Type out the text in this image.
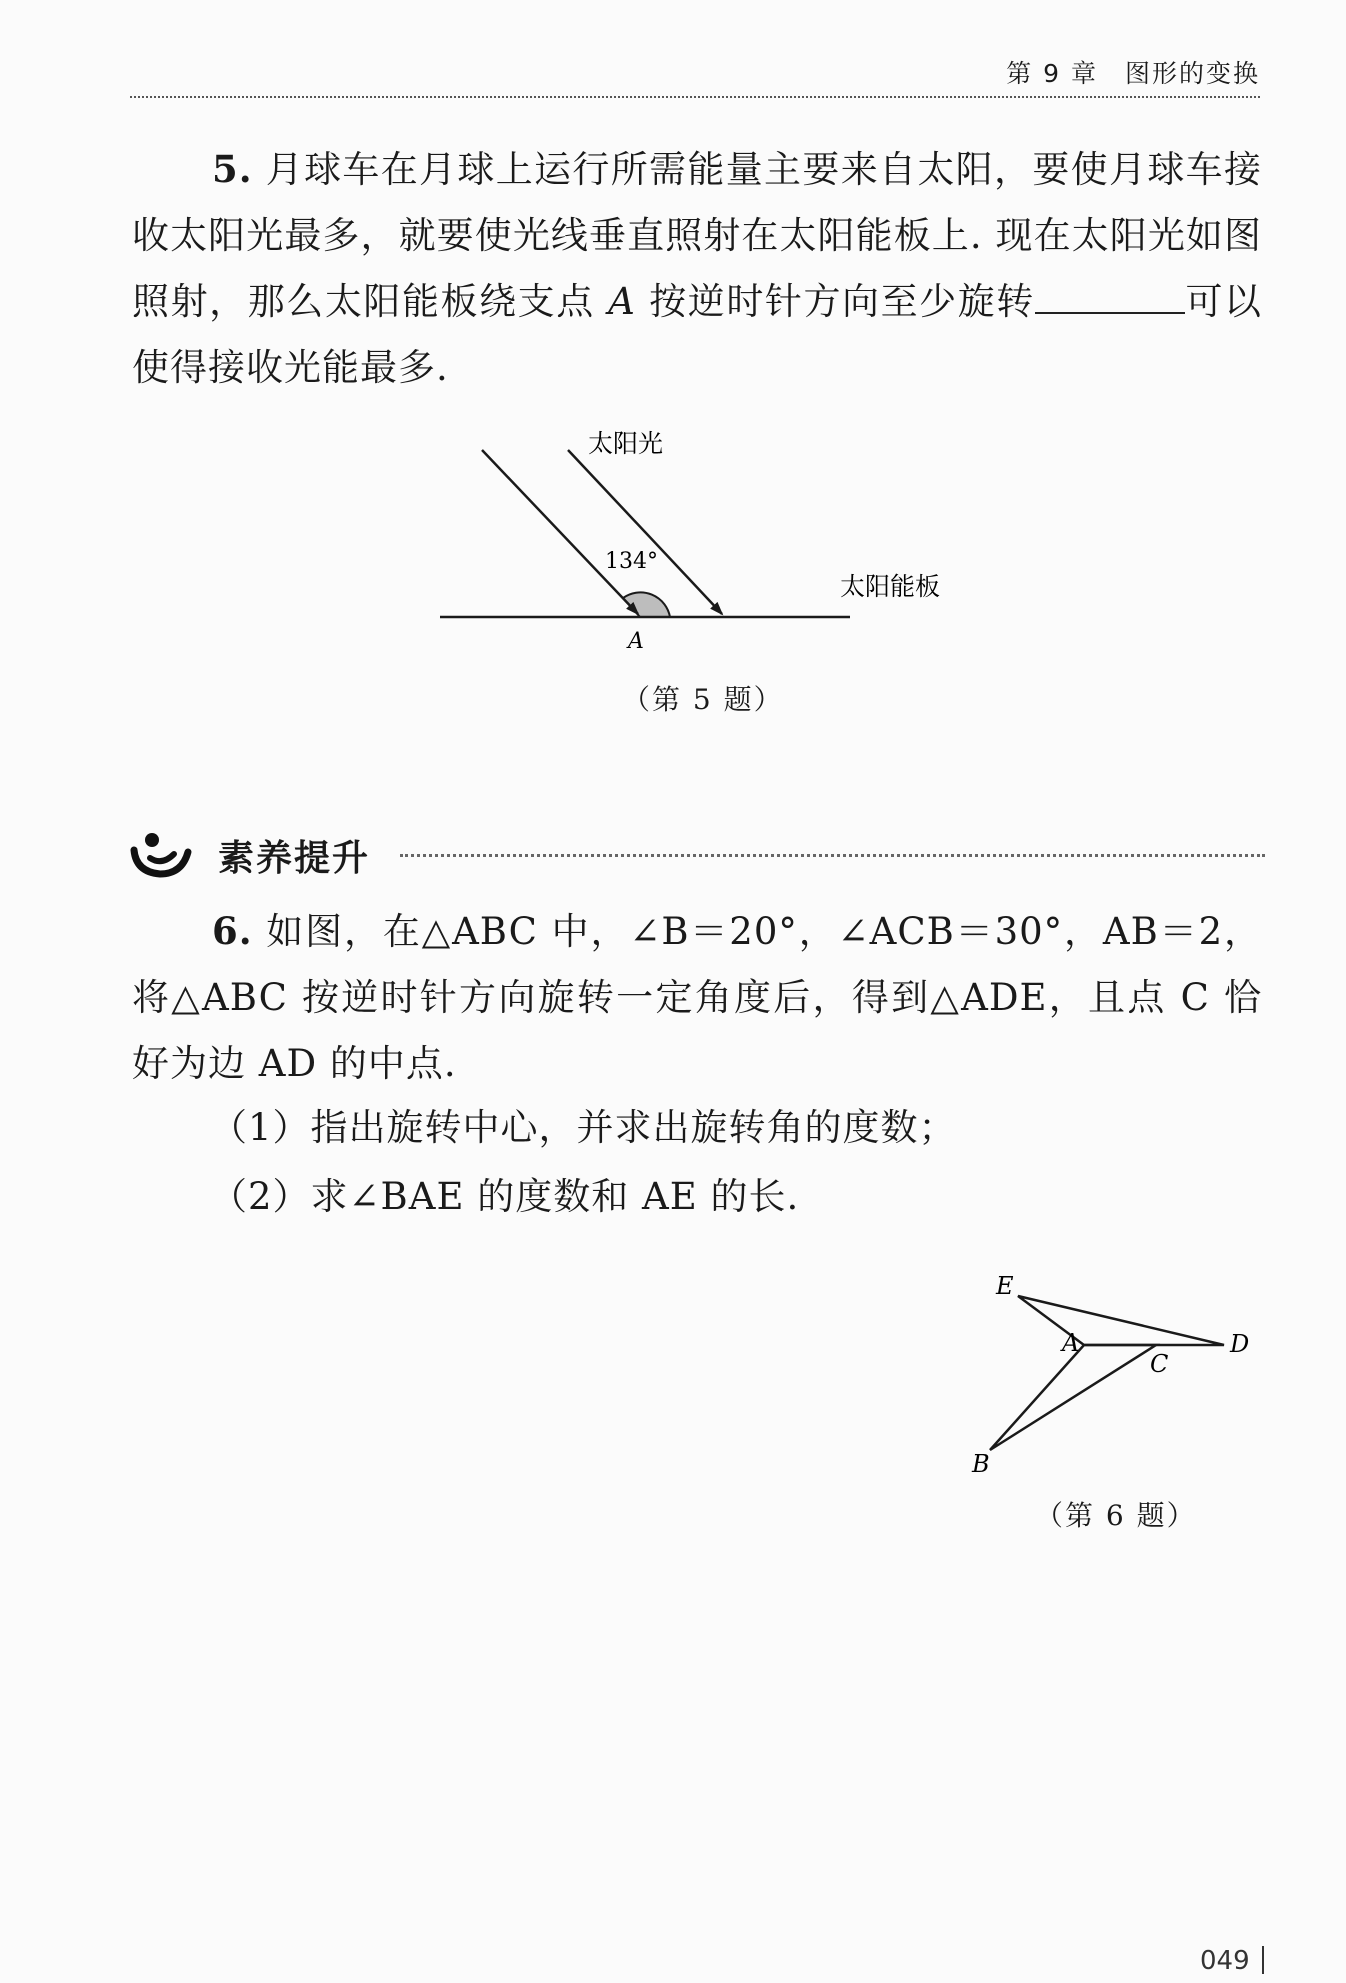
第 9 章　图形的变换

5. 月球车在月球上运行所需能量主要来自太阳，要使月球车接收太阳光最多，就要使光线垂直照射在太阳能板上. 现在太阳光如图照射，那么太阳能板绕支点 A 按逆时针方向至少旋转	可以使得接收光能最多.

太阳光
太阳能板
134°
A
（第 5 题）
素养提升

6. 如图，在△ABC 中，∠B＝20°，∠ACB＝30°，AB＝2，将△ABC 按逆时针方向旋转一定角度后，得到△ADE，且点 C 恰好为边 AD 的中点.

（1）指出旋转中心，并求出旋转角的度数；

（2）求∠BAE 的度数和 AE 的长.

E
A
C
D
B
（第 6 题）
049
